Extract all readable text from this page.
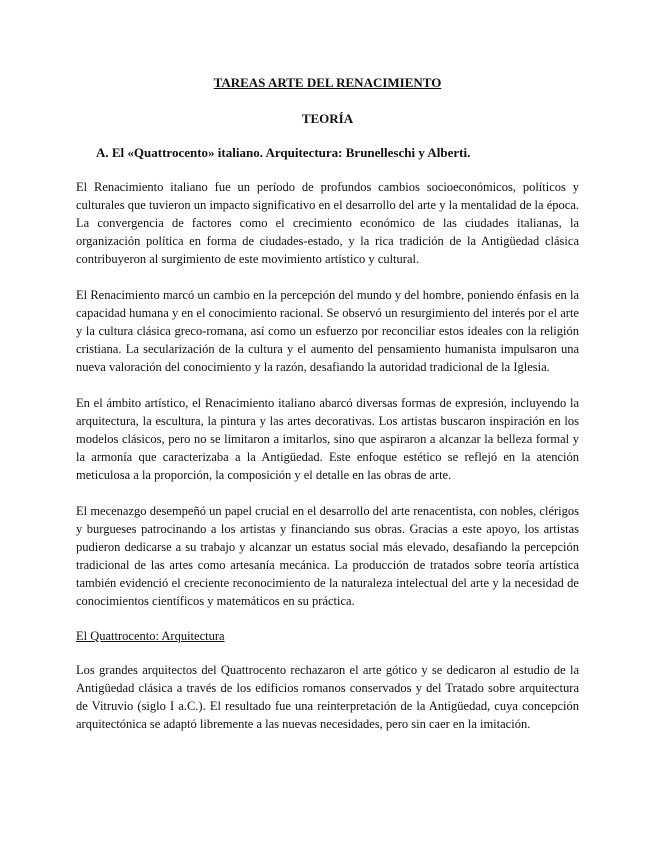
TAREAS ARTE DEL RENACIMIENTO
TEORÍA
A. El «Quattrocento» italiano. Arquitectura: Brunelleschi y Alberti.

El Renacimiento italiano fue un período de profundos cambios socioeconómicos, políticos y culturales que tuvieron un impacto significativo en el desarrollo del arte y la mentalidad de la época. La convergencia de factores como el crecimiento económico de las ciudades italianas, la organización política en forma de ciudades-estado, y la rica tradición de la Antigüedad clásica contribuyeron al surgimiento de este movimiento artístico y cultural.

El Renacimiento marcó un cambio en la percepción del mundo y del hombre, poniendo énfasis en la capacidad humana y en el conocimiento racional. Se observó un resurgimiento del interés por el arte y la cultura clásica greco-romana, así como un esfuerzo por reconciliar estos ideales con la religión cristiana. La secularización de la cultura y el aumento del pensamiento humanista impulsaron una nueva valoración del conocimiento y la razón, desafiando la autoridad tradicional de la Iglesia.

En el ámbito artístico, el Renacimiento italiano abarcó diversas formas de expresión, incluyendo la arquitectura, la escultura, la pintura y las artes decorativas. Los artistas buscaron inspiración en los modelos clásicos, pero no se limitaron a imitarlos, sino que aspiraron a alcanzar la belleza formal y la armonía que caracterizaba a la Antigüedad. Este enfoque estético se reflejó en la atención meticulosa a la proporción, la composición y el detalle en las obras de arte.

El mecenazgo desempeñó un papel crucial en el desarrollo del arte renacentista, con nobles, clérigos y burgueses patrocinando a los artistas y financiando sus obras. Gracias a este apoyo, los artistas pudieron dedicarse a su trabajo y alcanzar un estatus social más elevado, desafiando la percepción tradicional de las artes como artesanía mecánica. La producción de tratados sobre teoría artística también evidenció el creciente reconocimiento de la naturaleza intelectual del arte y la necesidad de conocimientos científicos y matemáticos en su práctica.

El Quattrocento: Arquitectura

Los grandes arquitectos del Quattrocento rechazaron el arte gótico y se dedicaron al estudio de la Antigüedad clásica a través de los edificios romanos conservados y del Tratado sobre arquitectura de Vitruvio (siglo I a.C.). El resultado fue una reinterpretación de la Antigüedad, cuya concepción arquitectónica se adaptó libremente a las nuevas necesidades, pero sin caer en la imitación.
